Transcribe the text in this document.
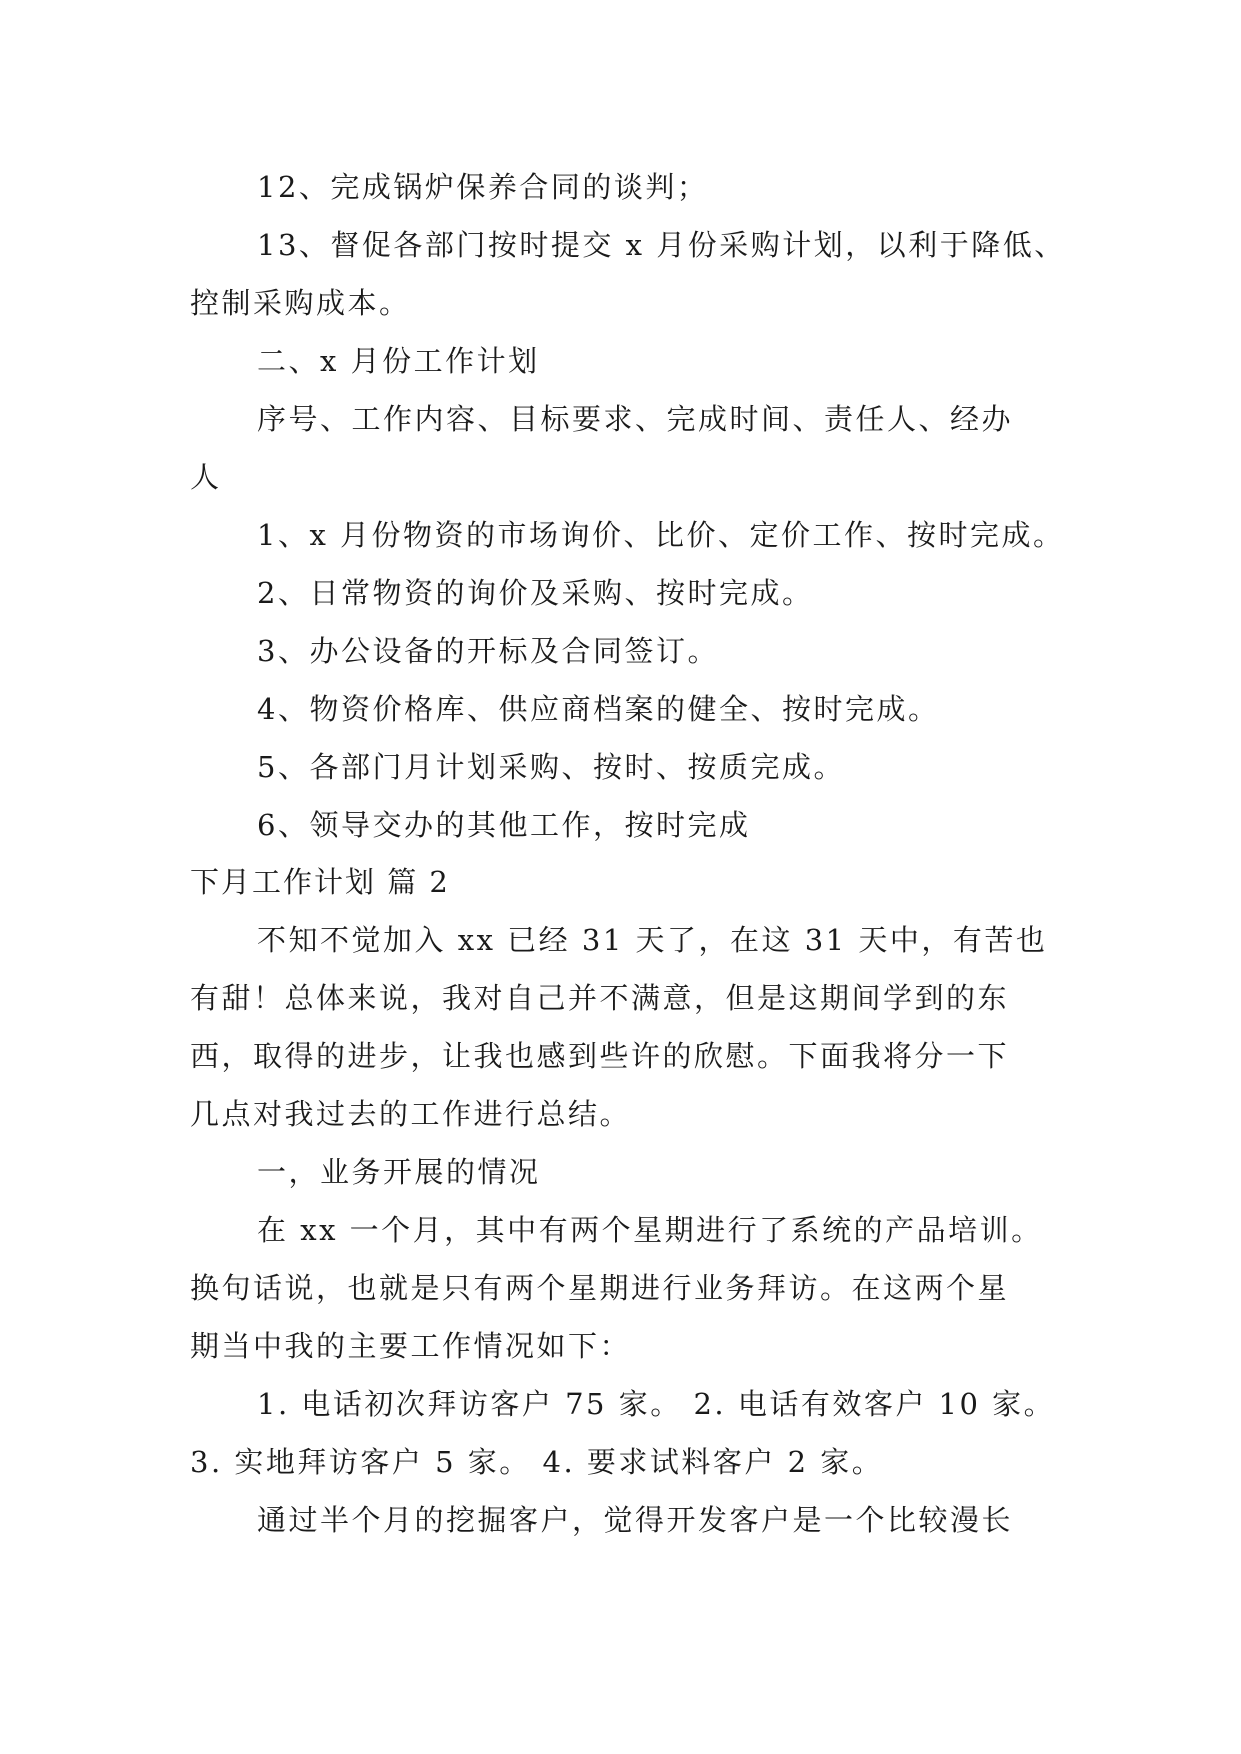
12、完成锅炉保养合同的谈判；
13、督促各部门按时提交 x 月份采购计划，以利于降低、
控制采购成本。
二、x 月份工作计划
序号、工作内容、目标要求、完成时间、责任人、经办
人
1、x 月份物资的市场询价、比价、定价工作、按时完成。
2、日常物资的询价及采购、按时完成。
3、办公设备的开标及合同签订。
4、物资价格库、供应商档案的健全、按时完成。
5、各部门月计划采购、按时、按质完成。
6、领导交办的其他工作，按时完成
下月工作计划 篇 2
不知不觉加入 xx 已经 31 天了，在这 31 天中，有苦也
有甜！总体来说，我对自己并不满意，但是这期间学到的东
西，取得的进步，让我也感到些许的欣慰。下面我将分一下
几点对我过去的工作进行总结。
一，业务开展的情况
在 xx 一个月，其中有两个星期进行了系统的产品培训。
换句话说，也就是只有两个星期进行业务拜访。在这两个星
期当中我的主要工作情况如下：
1. 电话初次拜访客户 75 家。 2. 电话有效客户 10 家。
3. 实地拜访客户 5 家。 4. 要求试料客户 2 家。
通过半个月的挖掘客户，觉得开发客户是一个比较漫长
